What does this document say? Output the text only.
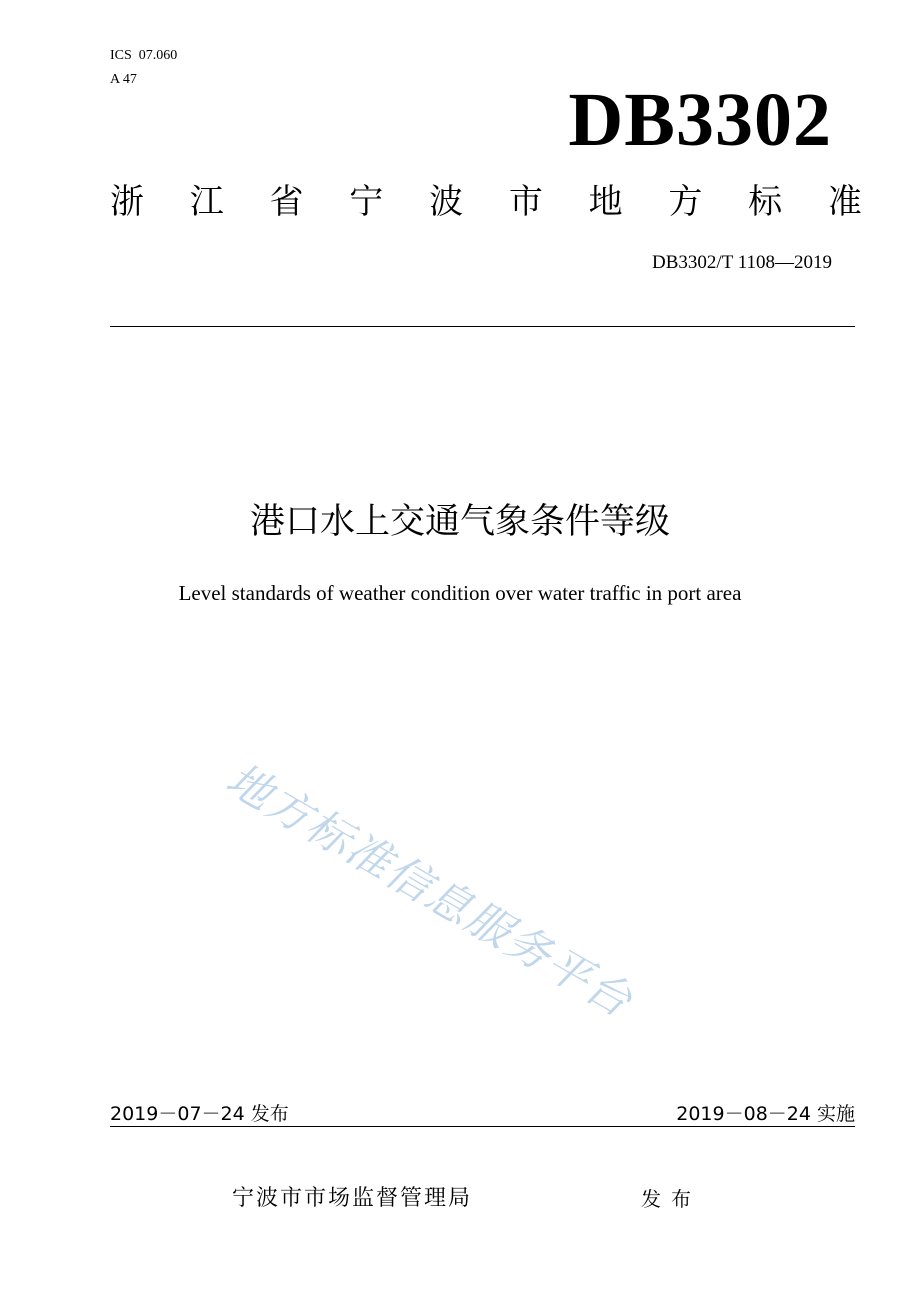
ICS  07.060
A 47	DB3302
浙 江 省 宁 波 市 地 方 标 准
DB3302/T 1108—2019
港口水上交通气象条件等级
Level standards of weather condition over water traffic in port area
地方标准信息服务平台
2019－07－24 发布	2019－08－24 实施
宁波市市场监督管理局	发布
